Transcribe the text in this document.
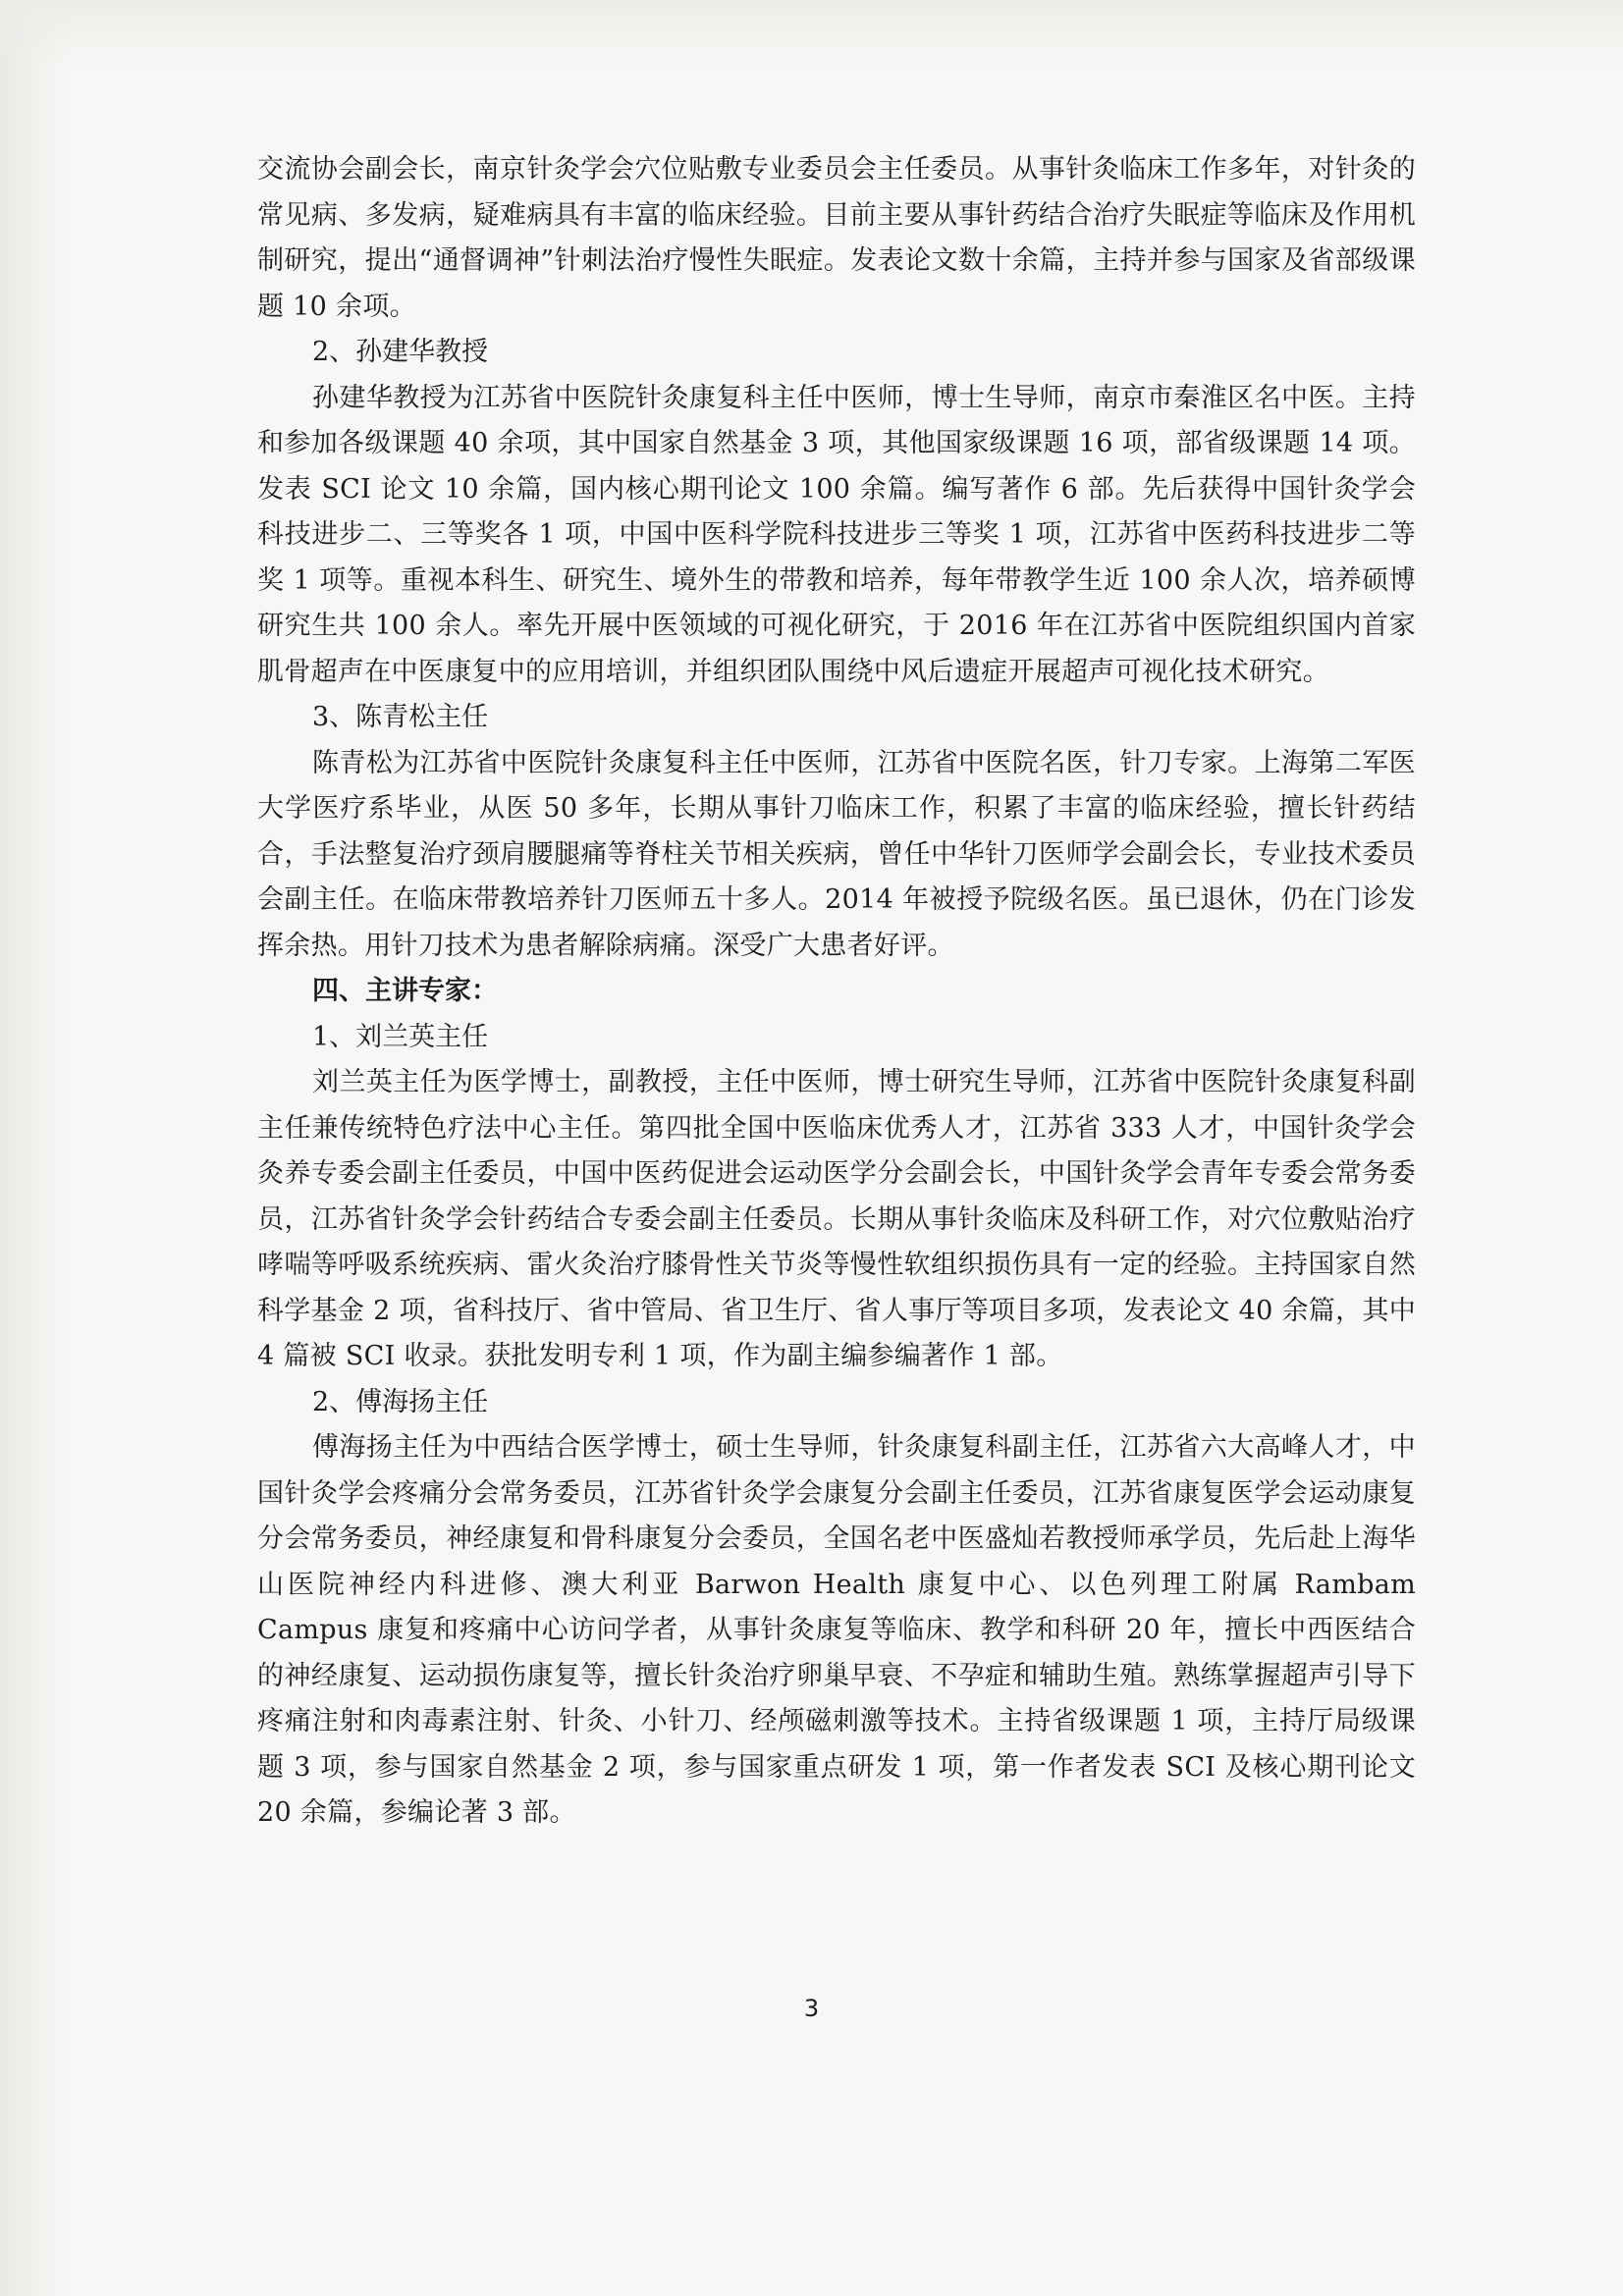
交流协会副会长，南京针灸学会穴位贴敷专业委员会主任委员。从事针灸临床工作多年，对针灸的常见病、多发病，疑难病具有丰富的临床经验。目前主要从事针药结合治疗失眠症等临床及作用机制研究，提出“通督调神”针刺法治疗慢性失眠症。发表论文数十余篇，主持并参与国家及省部级课题 10 余项。

2、孙建华教授

孙建华教授为江苏省中医院针灸康复科主任中医师，博士生导师，南京市秦淮区名中医。主持和参加各级课题 40 余项，其中国家自然基金 3 项，其他国家级课题 16 项，部省级课题 14 项。发表 SCI 论文 10 余篇，国内核心期刊论文 100 余篇。编写著作 6 部。先后获得中国针灸学会科技进步二、三等奖各 1 项，中国中医科学院科技进步三等奖 1 项，江苏省中医药科技进步二等奖 1 项等。重视本科生、研究生、境外生的带教和培养，每年带教学生近 100 余人次，培养硕博研究生共 100 余人。率先开展中医领域的可视化研究，于 2016 年在江苏省中医院组织国内首家肌骨超声在中医康复中的应用培训，并组织团队围绕中风后遗症开展超声可视化技术研究。

3、陈青松主任

陈青松为江苏省中医院针灸康复科主任中医师，江苏省中医院名医，针刀专家。上海第二军医大学医疗系毕业，从医 50 多年，长期从事针刀临床工作，积累了丰富的临床经验，擅长针药结合，手法整复治疗颈肩腰腿痛等脊柱关节相关疾病，曾任中华针刀医师学会副会长，专业技术委员会副主任。在临床带教培养针刀医师五十多人。2014 年被授予院级名医。虽已退休，仍在门诊发挥余热。用针刀技术为患者解除病痛。深受广大患者好评。

四、主讲专家：
1、刘兰英主任

刘兰英主任为医学博士，副教授，主任中医师，博士研究生导师，江苏省中医院针灸康复科副主任兼传统特色疗法中心主任。第四批全国中医临床优秀人才，江苏省 333 人才，中国针灸学会灸养专委会副主任委员，中国中医药促进会运动医学分会副会长，中国针灸学会青年专委会常务委员，江苏省针灸学会针药结合专委会副主任委员。长期从事针灸临床及科研工作，对穴位敷贴治疗哮喘等呼吸系统疾病、雷火灸治疗膝骨性关节炎等慢性软组织损伤具有一定的经验。主持国家自然科学基金 2 项，省科技厅、省中管局、省卫生厅、省人事厅等项目多项，发表论文 40 余篇，其中 4 篇被 SCI 收录。获批发明专利 1 项，作为副主编参编著作 1 部。

2、傅海扬主任

傅海扬主任为中西结合医学博士，硕士生导师，针灸康复科副主任，江苏省六大高峰人才，中国针灸学会疼痛分会常务委员，江苏省针灸学会康复分会副主任委员，江苏省康复医学会运动康复分会常务委员，神经康复和骨科康复分会委员，全国名老中医盛灿若教授师承学员，先后赴上海华山医院神经内科进修、澳大利亚 Barwon Health 康复中心、以色列理工附属 Rambam Campus 康复和疼痛中心访问学者，从事针灸康复等临床、教学和科研 20 年，擅长中西医结合的神经康复、运动损伤康复等，擅长针灸治疗卵巢早衰、不孕症和辅助生殖。熟练掌握超声引导下疼痛注射和肉毒素注射、针灸、小针刀、经颅磁刺激等技术。主持省级课题 1 项，主持厅局级课题 3 项，参与国家自然基金 2 项，参与国家重点研发 1 项，第一作者发表 SCI 及核心期刊论文 20 余篇，参编论著 3 部。

3
